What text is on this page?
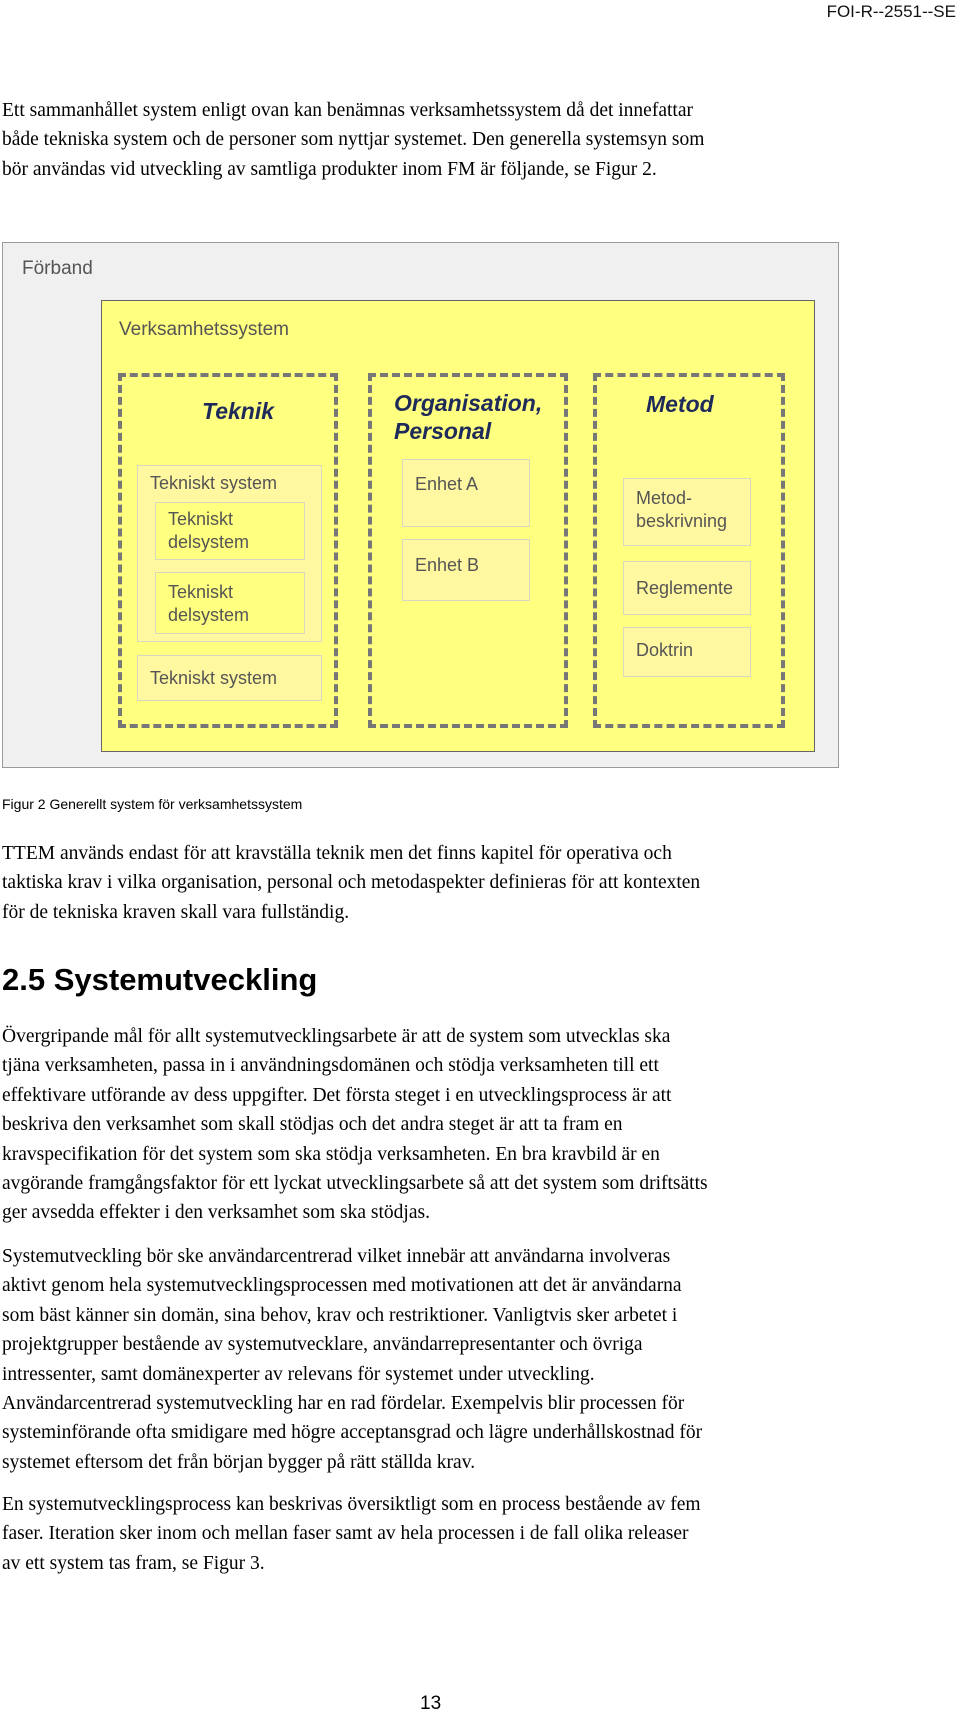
FOI-R--2551--SE

Ett sammanhållet system enligt ovan kan benämnas verksamhetssystem då det innefattar
både tekniska system och de personer som nyttjar systemet. Den generella systemsyn som
bör användas vid utveckling av samtliga produkter inom FM är följande, se Figur 2.

Förband
Verksamhetssystem
Teknik
Tekniskt system
Tekniskt
delsystem
Tekniskt
delsystem
Tekniskt system
Organisation,
Personal
Enhet A
Enhet B
Metod
Metod-
beskrivning
Reglemente
Doktrin
Figur 2 Generellt system för verksamhetssystem

TTEM används endast för att kravställa teknik men det finns kapitel för operativa och
taktiska krav i vilka organisation, personal och metodaspekter definieras för att kontexten
för de tekniska kraven skall vara fullständig.

2.5 Systemutveckling

Övergripande mål för allt systemutvecklingsarbete är att de system som utvecklas ska
tjäna verksamheten, passa in i användningsdomänen och stödja verksamheten till ett
effektivare utförande av dess uppgifter. Det första steget i en utvecklingsprocess är att
beskriva den verksamhet som skall stödjas och det andra steget är att ta fram en
kravspecifikation för det system som ska stödja verksamheten. En bra kravbild är en
avgörande framgångsfaktor för ett lyckat utvecklingsarbete så att det system som driftsätts
ger avsedda effekter i den verksamhet som ska stödjas.

Systemutveckling bör ske användarcentrerad vilket innebär att användarna involveras
aktivt genom hela systemutvecklingsprocessen med motivationen att det är användarna
som bäst känner sin domän, sina behov, krav och restriktioner. Vanligtvis sker arbetet i
projektgrupper bestående av systemutvecklare, användarrepresentanter och övriga
intressenter, samt domänexperter av relevans för systemet under utveckling.
Användarcentrerad systemutveckling har en rad fördelar. Exempelvis blir processen för
systeminförande ofta smidigare med högre acceptansgrad och lägre underhållskostnad för
systemet eftersom det från början bygger på rätt ställda krav.

En systemutvecklingsprocess kan beskrivas översiktligt som en process bestående av fem
faser. Iteration sker inom och mellan faser samt av hela processen i de fall olika releaser
av ett system tas fram, se Figur 3.

13
